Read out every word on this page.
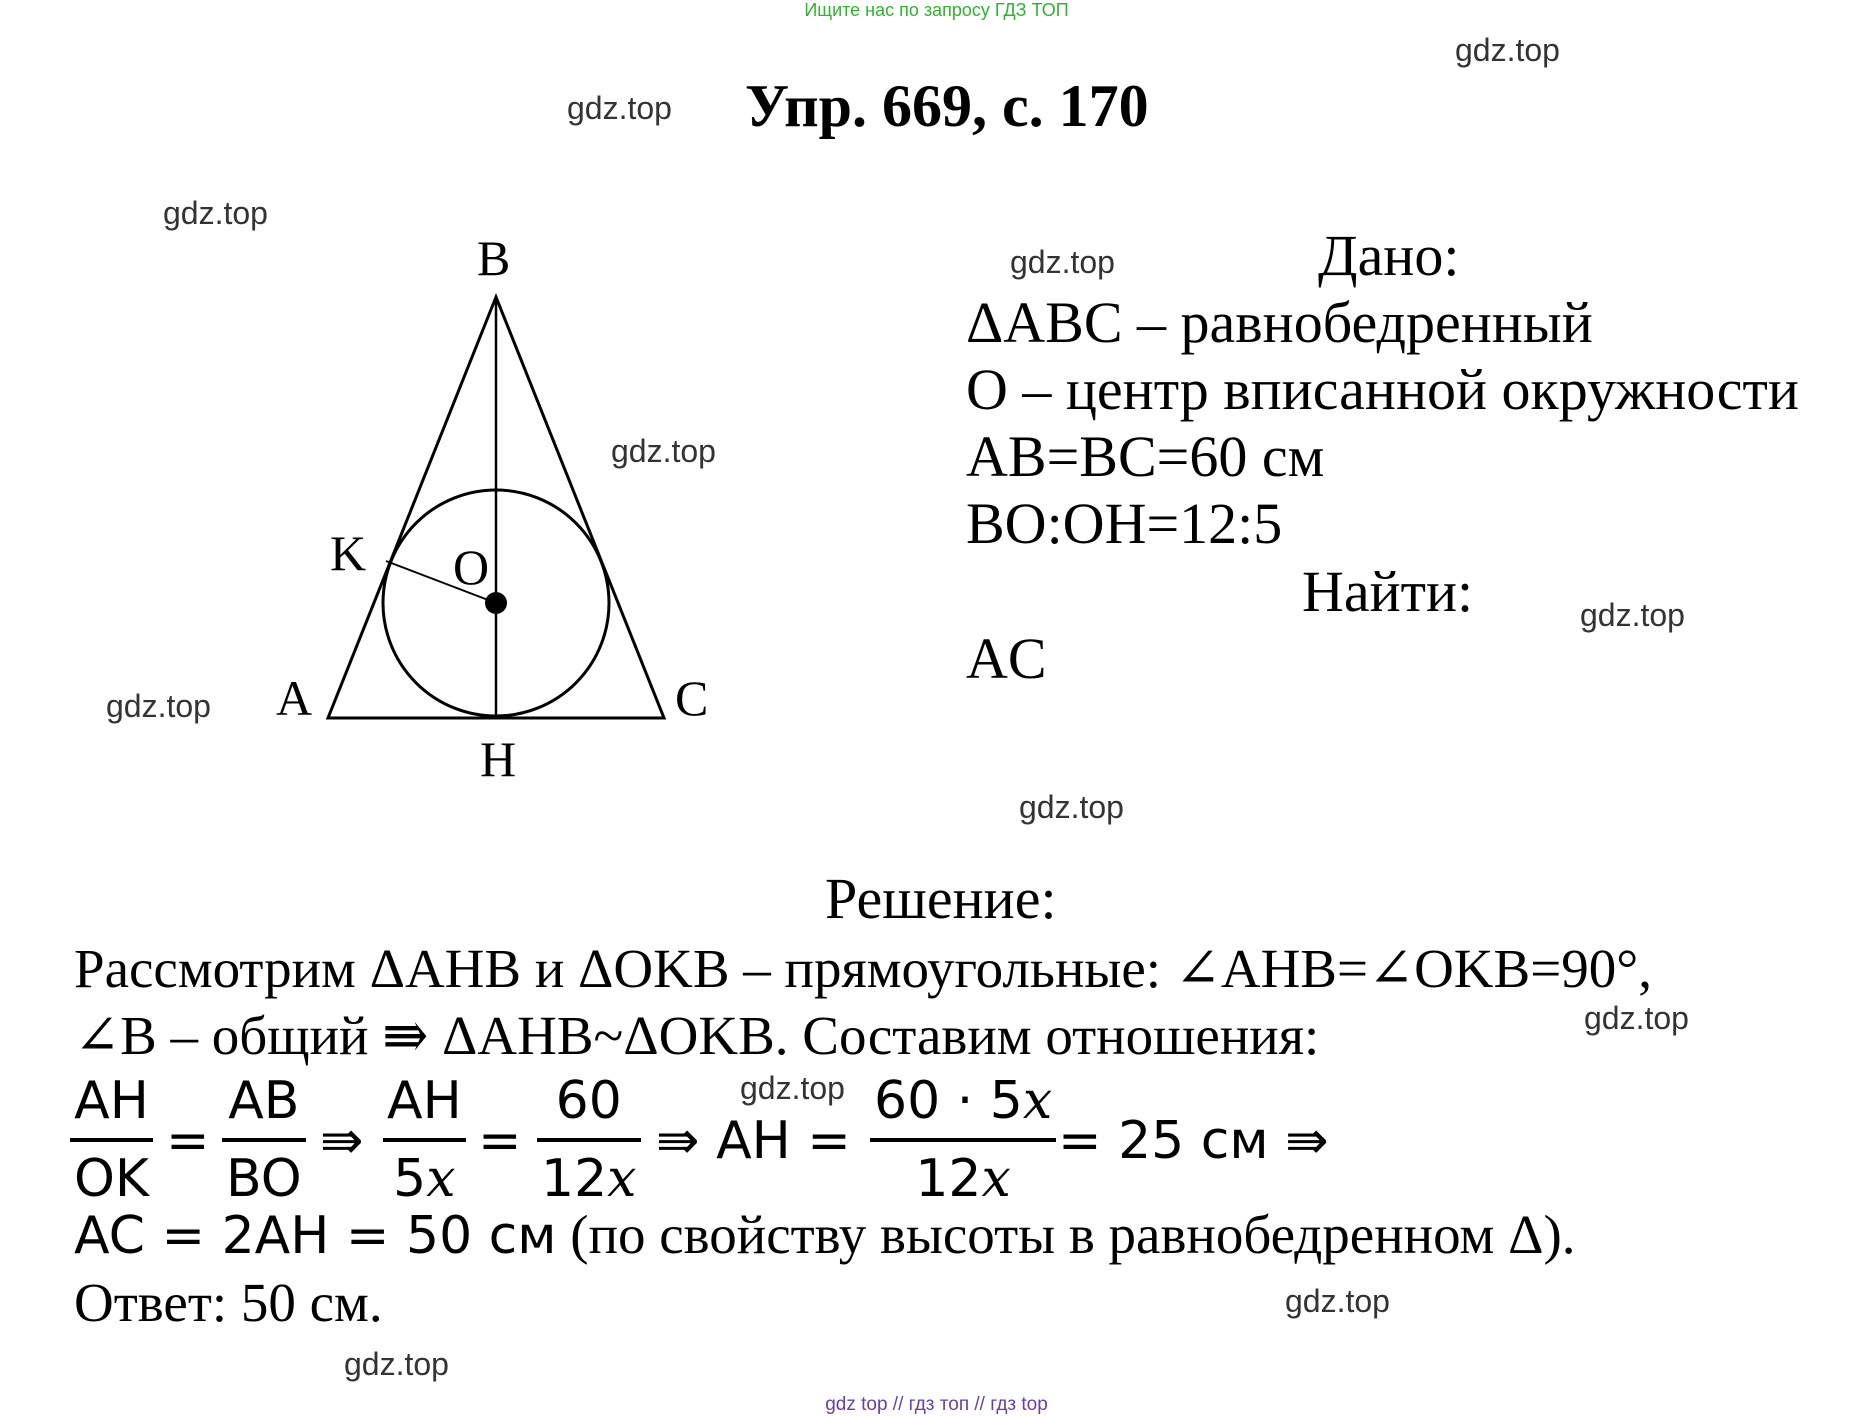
Ищите нас по запросу ГДЗ ТОП
gdz.top
gdz.top
gdz.top
gdz.top
gdz.top
gdz.top
gdz.top
gdz.top
gdz.top
gdz.top
gdz.top
gdz.top
Упр. 669, с. 170
B
A	C
H
K O
Дано:
ΔABC – равнобедренный
O – центр вписанной окружности
AB=BC=60 см
BO:OH=12:5
Найти:
AC
Решение:
Рассмотрим ΔAHB и ΔOKB – прямоугольные: ∠AHB=∠OKB=90°,
∠B – общий ⇛ ΔAHB~ΔOKB. Составим отношения:
AH
OK
=
AB
BO
⇛
AH
5x
=
60
12x
⇛ AH =
60 · 5x
12x
= 25 см ⇛
AC = 2AH = 50 см (по свойству высоты в равнобедренном Δ).
Ответ: 50 см.
gdz top // гдз топ // гдз top
